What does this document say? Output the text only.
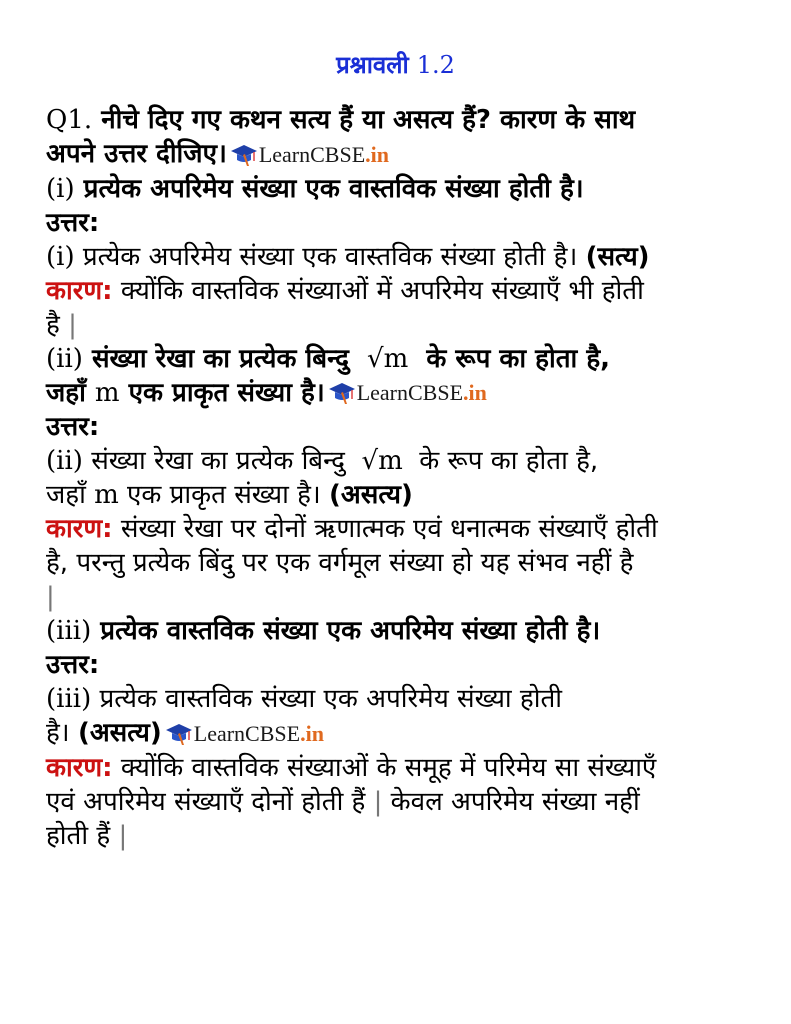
प्रश्नावली 1.2
Q1. नीचे दिए गए कथन सत्य हैं या असत्य हैं? कारण के साथ
अपने उत्तर दीजिए। LearnCBSE .in
(i) प्रत्येक अपरिमेय संख्या एक वास्तविक संख्या होती है।
उत्तर:
(i) प्रत्येक अपरिमेय संख्या एक वास्तविक संख्या होती है। (सत्य)
कारण: क्योंकि वास्तविक संख्याओं में अपरिमेय संख्याएँ भी होती
है |
(ii) संख्या रेखा का प्रत्येक बिन्दु √m के रूप का होता है,
जहाँ m एक प्राकृत संख्या है। LearnCBSE .in
उत्तर:
(ii) संख्या रेखा का प्रत्येक बिन्दु √m के रूप का होता है,
जहाँ m एक प्राकृत संख्या है। (असत्य)
कारण: संख्या रेखा पर दोनों ऋणात्मक एवं धनात्मक संख्याएँ होती
है, परन्तु प्रत्येक बिंदु पर एक वर्गमूल संख्या हो यह संभव नहीं है
|
(iii) प्रत्येक वास्तविक संख्या एक अपरिमेय संख्या होती है।
उत्तर:
(iii) प्रत्येक वास्तविक संख्या एक अपरिमेय संख्या होती
है। (असत्य) LearnCBSE .in
कारण: क्योंकि वास्तविक संख्याओं के समूह में परिमेय सा संख्याएँ
एवं अपरिमेय संख्याएँ दोनों होती हैं | केवल अपरिमेय संख्या नहीं
होती हैं |
